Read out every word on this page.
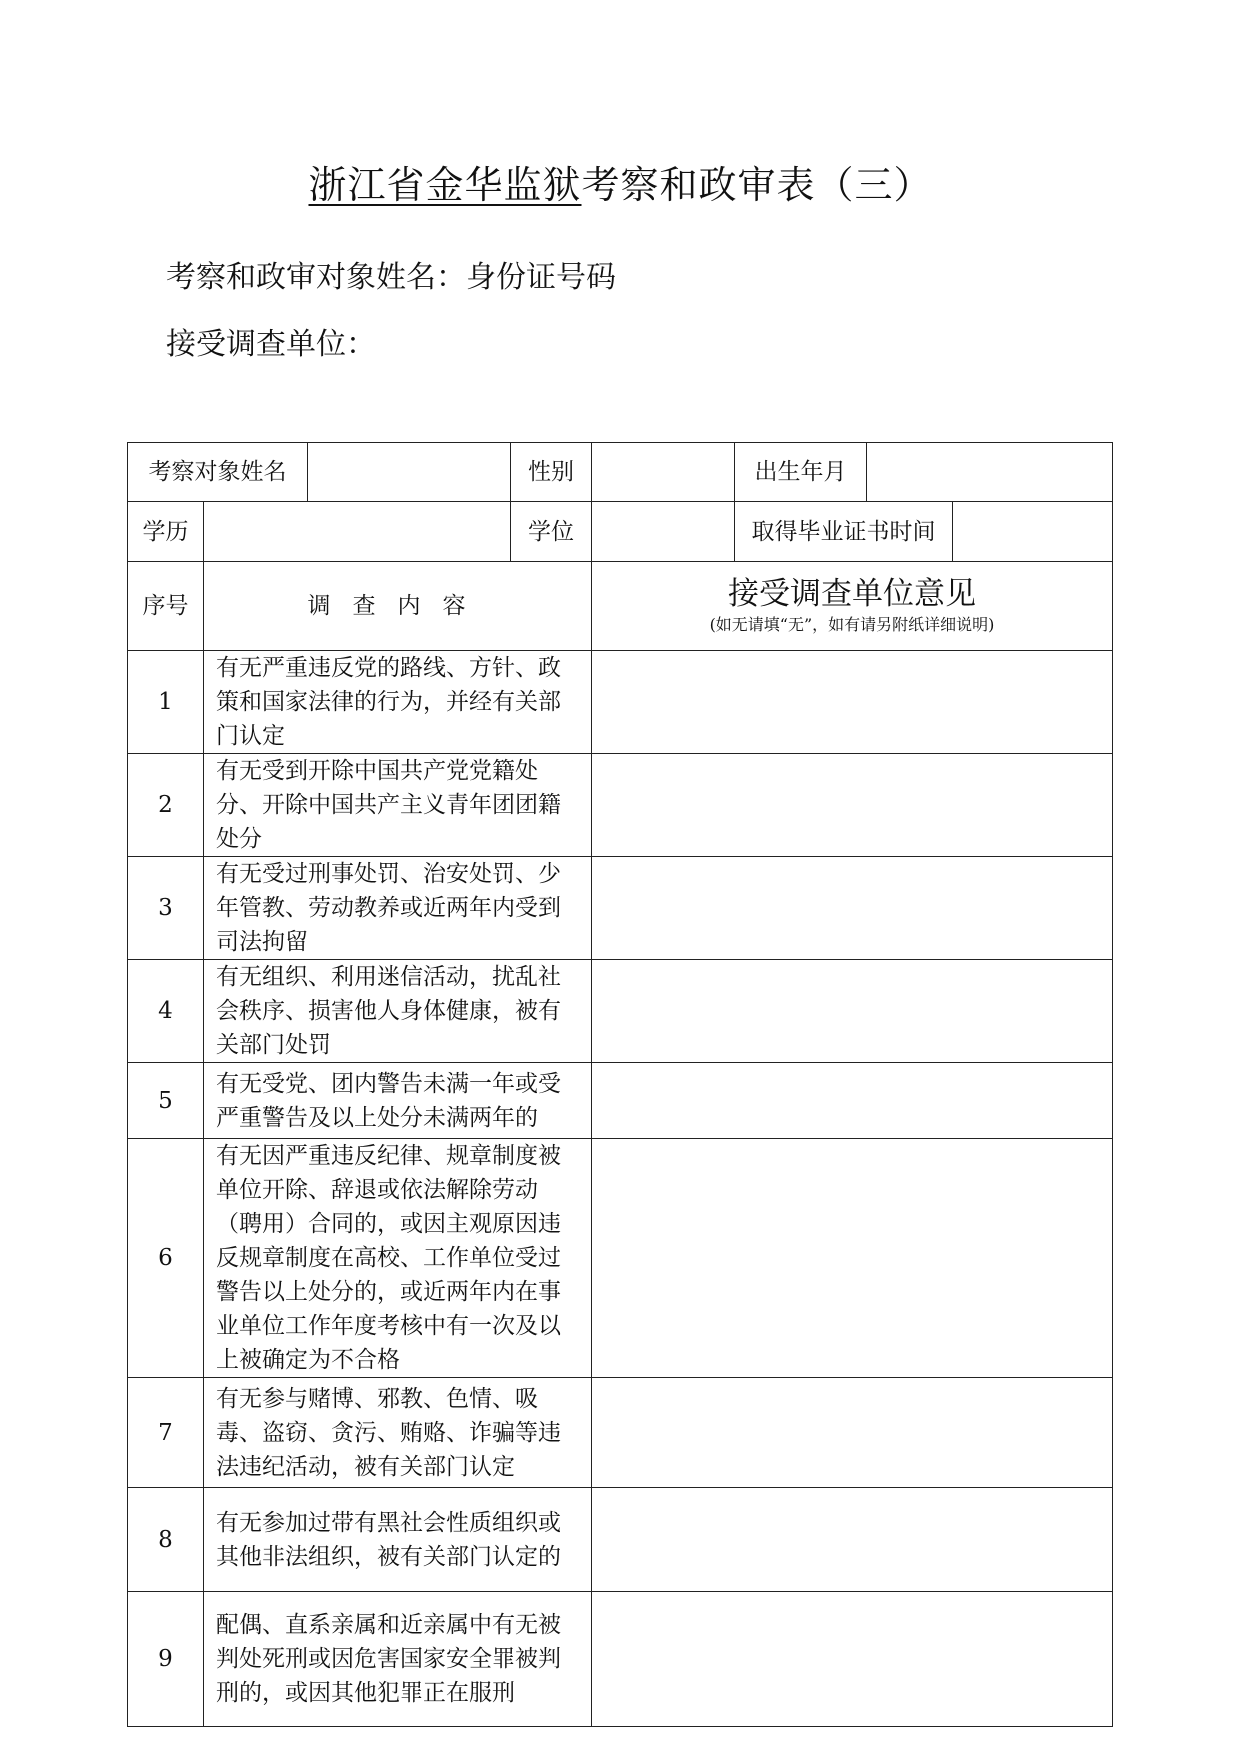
浙江省金华监狱考察和政审表（三）
考察和政审对象姓名：身份证号码
接受调查单位：
考察对象姓名			性别		出生年月		
学历			学位		取得毕业证书时间		
序号	调查内容			接受调查单位意见
(如无请填“无”，如有请另附纸详细说明)			

1	有无严重违反党的路线、方针、政策和国家法律的行为，并经有关部门认定						
2	有无受到开除中国共产党党籍处分、开除中国共产主义青年团团籍处分						
3	有无受过刑事处罚、治安处罚、少年管教、劳动教养或近两年内受到司法拘留						
4	有无组织、利用迷信活动，扰乱社会秩序、损害他人身体健康，被有关部门处罚						
5	有无受党、团内警告未满一年或受严重警告及以上处分未满两年的						
6	有无因严重违反纪律、规章制度被单位开除、辞退或依法解除劳动（聘用）合同的，或因主观原因违反规章制度在高校、工作单位受过警告以上处分的，或近两年内在事业单位工作年度考核中有一次及以上被确定为不合格						
7	有无参与赌博、邪教、色情、吸毒、盗窃、贪污、贿赂、诈骗等违法违纪活动，被有关部门认定						
8	有无参加过带有黑社会性质组织或其他非法组织，被有关部门认定的						
9	配偶、直系亲属和近亲属中有无被判处死刑或因危害国家安全罪被判刑的，或因其他犯罪正在服刑						
